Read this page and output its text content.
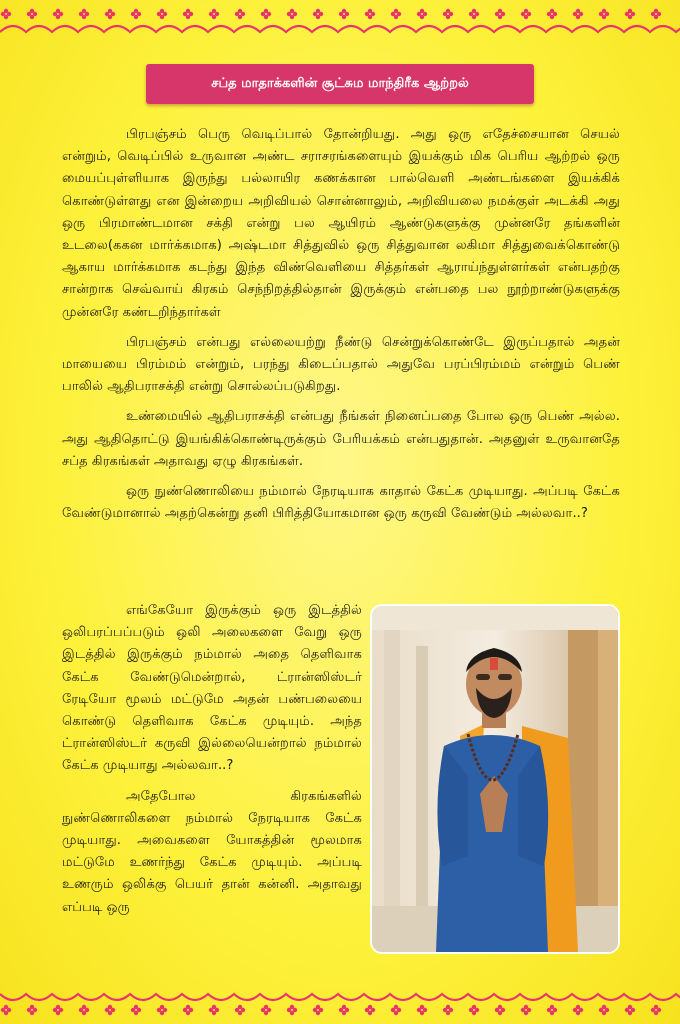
சப்த மாதாக்களின் சூட்சும மாந்திரீக ஆற்றல்

பிரபஞ்சம் பெரு வெடிப்பால் தோன்றியது. அது ஒரு எதேச்சையான செயல் என்றும், வெடிப்பில் உருவான அண்ட சராசரங்களையும் இயக்கும் மிக பெரிய ஆற்றல் ஒரு மையப்புள்ளியாக இருந்து பல்லாயிர கணக்கான பால்வெளி அண்டங்களை இயக்கிக் கொண்டுள்ளது என இன்றைய அறிவியல் சொன்னாலும், அறிவியலை நமக்குள் அடக்கி அது ஒரு பிரமாண்டமான சக்தி என்று பல ஆயிரம் ஆண்டுகளுக்கு முன்னரே தங்களின் உடலை(ககன மார்க்கமாக) அஷ்டமா சித்துவில் ஒரு சித்துவான லகிமா சித்துவைக்கொண்டு ஆகாய மார்க்கமாக கடந்து இந்த விண்வெளியை சித்தர்கள் ஆராய்ந்துள்ளர்கள் என்பதற்கு சான்றாக செவ்வாய் கிரகம் செந்நிறத்தில்தான் இருக்கும் என்பதை பல நூற்றாண்டுகளுக்கு முன்னரே கண்டறிந்தார்கள்

பிரபஞ்சம் என்பது எல்லையற்று நீண்டு சென்றுக்கொண்டே இருப்பதால் அதன் மாயையை பிரம்மம் என்றும், பரந்து கிடைப்பதால் அதுவே பரப்பிரம்மம் என்றும் பெண் பாலில் ஆதிபராசக்தி என்று சொல்லப்படுகிறது.

உண்மையில் ஆதிபராசக்தி என்பது நீங்கள் நினைப்பதை போல ஒரு பெண் அல்ல. அது ஆதிதொட்டு இயங்கிக்கொண்டிருக்கும் பேரியக்கம் என்பதுதான். அதனுள் உருவானதே சப்த கிரகங்கள் அதாவது ஏழு கிரகங்கள்.

ஒரு நுண்ணொலியை நம்மால் நேரடியாக காதால் கேட்க முடியாது. அப்படி கேட்க வேண்டுமானால் அதற்கென்று தனி பிரித்தியோகமான ஒரு கருவி வேண்டும் அல்லவா..?

எங்கேயோ இருக்கும் ஒரு இடத்தில் ஒலிபரப்பப்படும் ஒலி அலைகளை வேறு ஒரு இடத்தில் இருக்கும் நம்மால் அதை தெளிவாக கேட்க வேண்டுமென்றால், ட்ரான்ஸிஸ்டர் ரேடியோ மூலம் மட்டுமே அதன் பண்பலையை கொண்டு தெளிவாக கேட்க முடியும். அந்த ட்ரான்ஸிஸ்டர் கருவி இல்லையென்றால் நம்மால் கேட்க முடியாது அல்லவா..?

அதேபோல கிரகங்களில் நுண்ணொலிகளை நம்மால் நேரடியாக கேட்க முடியாது. அவைகளை யோகத்தின் மூலமாக மட்டுமே உணர்ந்து கேட்க முடியும். அப்படி உணரும் ஒலிக்கு பெயர் தான் கன்னி. அதாவது எப்படி ஒரு
